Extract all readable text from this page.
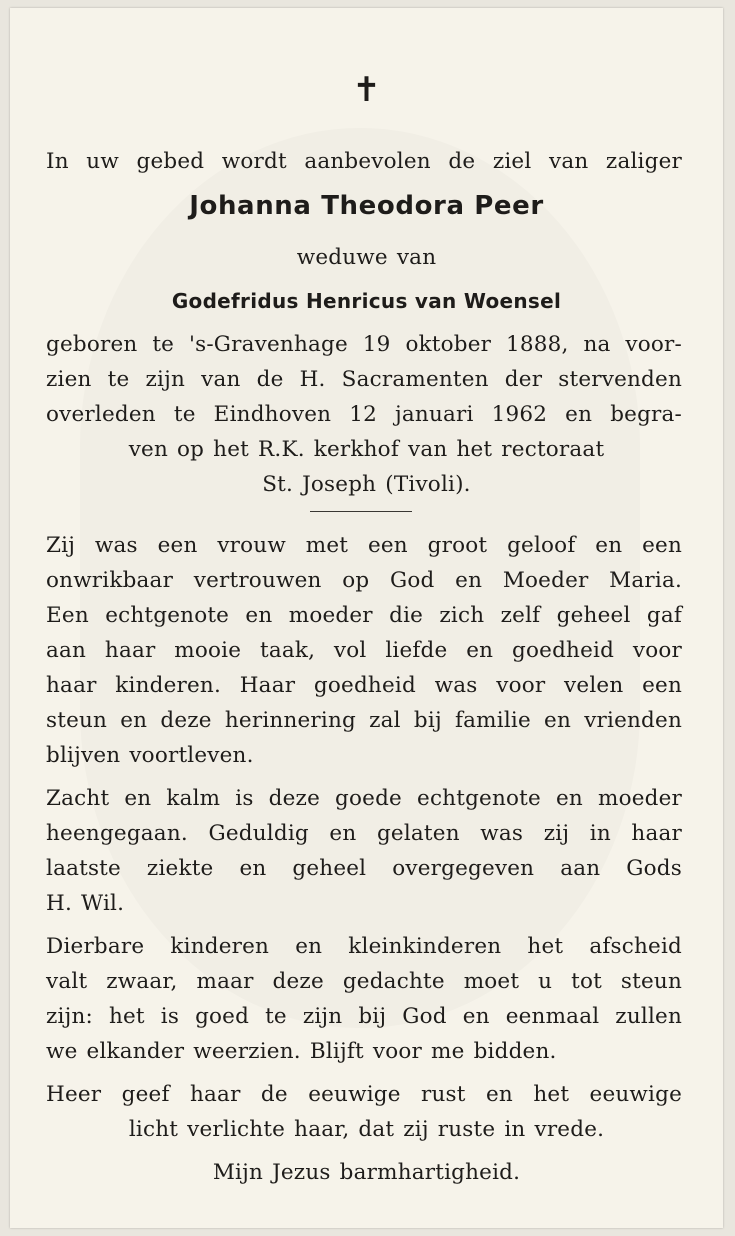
✝
In uw gebed wordt aanbevolen de ziel van zaliger
Johanna Theodora Peer
weduwe van
Godefridus Henricus van Woensel
geboren te 's-Gravenhage 19 oktober 1888, na voor-
zien te zijn van de H. Sacramenten der stervenden
overleden te Eindhoven 12 januari 1962 en begra-
ven op het R.K. kerkhof van het rectoraat
St. Joseph (Tivoli).
Zij was een vrouw met een groot geloof en een
onwrikbaar vertrouwen op God en Moeder Maria.
Een echtgenote en moeder die zich zelf geheel gaf
aan haar mooie taak, vol liefde en goedheid voor
haar kinderen. Haar goedheid was voor velen een
steun en deze herinnering zal bij familie en vrienden
blijven voortleven.
Zacht en kalm is deze goede echtgenote en moeder
heengegaan. Geduldig en gelaten was zij in haar
laatste ziekte en geheel overgegeven aan Gods
H. Wil.
Dierbare kinderen en kleinkinderen het afscheid
valt zwaar, maar deze gedachte moet u tot steun
zijn: het is goed te zijn bij God en eenmaal zullen
we elkander weerzien. Blijft voor me bidden.
Heer geef haar de eeuwige rust en het eeuwige
licht verlichte haar, dat zij ruste in vrede.
Mijn Jezus barmhartigheid.
